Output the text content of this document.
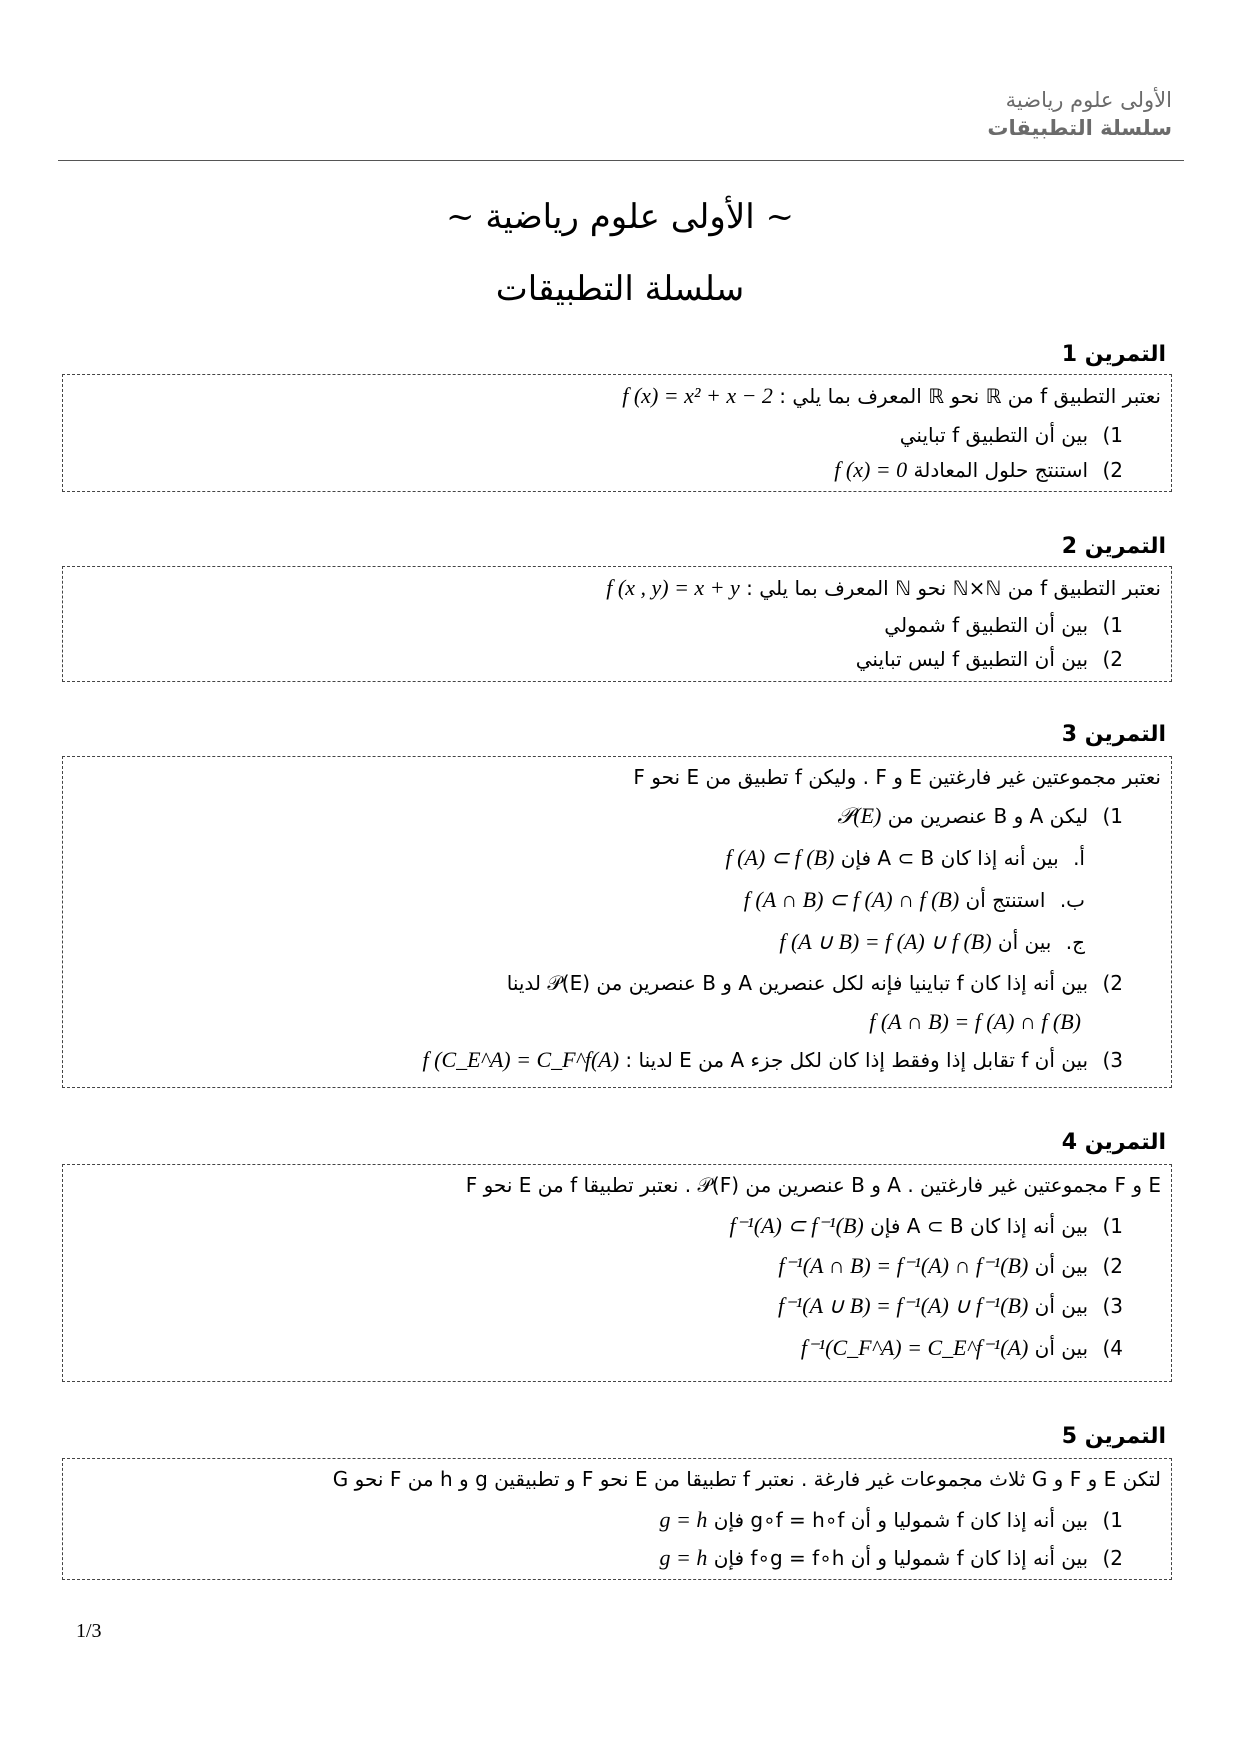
الأولى علوم رياضية
سلسلة التطبيقات
~ الأولى علوم رياضية ~
سلسلة التطبيقات
التمرين 1
نعتبر التطبيق f من ℝ نحو ℝ المعرف بما يلي : f (x) = x² + x − 2
1) بين أن التطبيق f تبايني
2) استنتج حلول المعادلة f (x) = 0
التمرين 2
نعتبر التطبيق f من ℕ×ℕ نحو ℕ المعرف بما يلي : f (x , y) = x + y
1) بين أن التطبيق f شمولي
2) بين أن التطبيق f ليس تبايني
التمرين 3
نعتبر مجموعتين غير فارغتين E و F . وليكن f تطبيق من E نحو F
1) ليكن A و B عنصرين من 𝒫(E)
أ. بين أنه إذا كان A ⊂ B فإن f (A) ⊂ f (B)
ب. استنتج أن f (A ∩ B) ⊂ f (A) ∩ f (B)
ج. بين أن f (A ∪ B) = f (A) ∪ f (B)
2) بين أنه إذا كان f تباينيا فإنه لكل عنصرين A و B عنصرين من 𝒫(E) لدينا
f (A ∩ B) = f (A) ∩ f (B)
3) بين أن f تقابل إذا وفقط إذا كان لكل جزء A من E لدينا : f (C_E^A) = C_F^f(A)
التمرين 4
E و F مجموعتين غير فارغتين . A و B عنصرين من 𝒫(F) . نعتبر تطبيقا f من E نحو F
1) بين أنه إذا كان A ⊂ B فإن f⁻¹(A) ⊂ f⁻¹(B)
2) بين أن f⁻¹(A ∩ B) = f⁻¹(A) ∩ f⁻¹(B)
3) بين أن f⁻¹(A ∪ B) = f⁻¹(A) ∪ f⁻¹(B)
4) بين أن f⁻¹(C_F^A) = C_E^f⁻¹(A)
التمرين 5
لتكن E و F و G ثلاث مجموعات غير فارغة . نعتبر f تطبيقا من E نحو F و تطبيقين g و h من F نحو G
1) بين أنه إذا كان f شموليا و أن g∘f = h∘f فإن g = h
2) بين أنه إذا كان f شموليا و أن f∘g = f∘h فإن g = h
1/3
